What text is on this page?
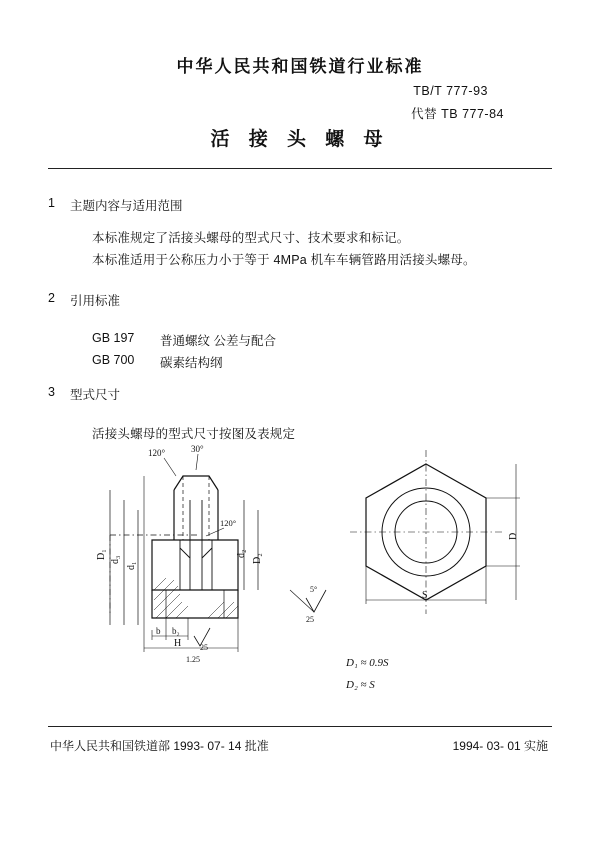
中华人民共和国铁道行业标准
TB/T 777-93
代替 TB 777-84
活 接 头 螺 母
1 主题内容与适用范围
本标准规定了活接头螺母的型式尺寸、技术要求和标记。
本标准适用于公称压力小于等于 4MPa 机车车辆管路用活接头螺母。
2 引用标准
GB 197 普通螺纹 公差与配合
GB 700 碳素结构纲
3 型式尺寸
活接头螺母的型式尺寸按图及表规定
120°	30°
120°
D₁ d₃
d₁
d₂ D₂
b b₂
H 25
1.25
5°
25
S
D
D₁ ≈ 0.9S
D₂ ≈ S
中华人民共和国铁道部 1993- 07- 14 批准	1994- 03- 01 实施
